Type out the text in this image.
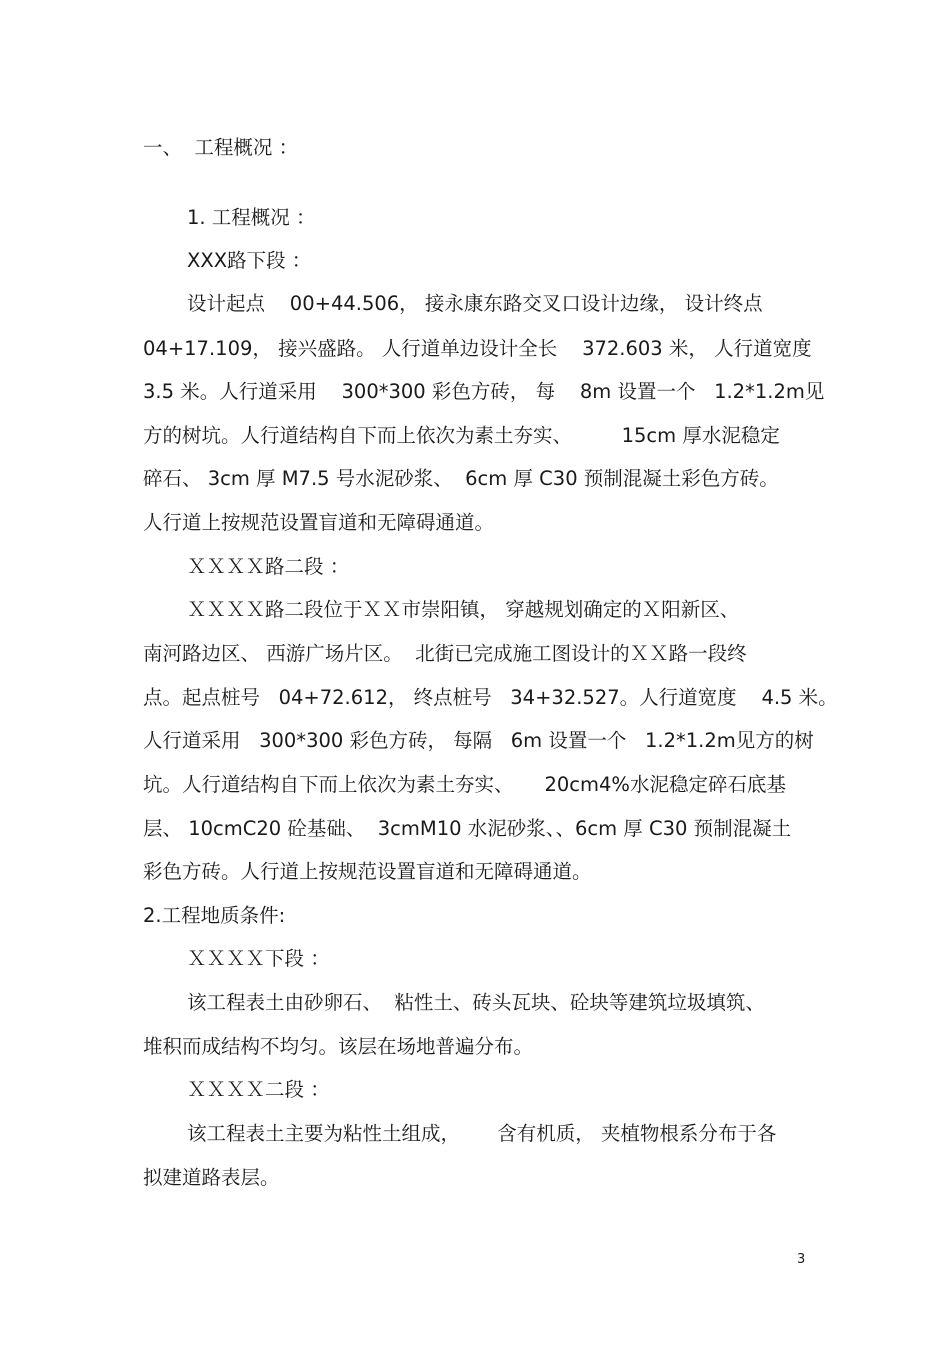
一、  工程概况 ：
1. 工程概况 ：
XXX路下段 ：
设计起点    00+44.506， 接永康东路交叉口设计边缘， 设计终点
04+17.109， 接兴盛路。 人行道单边设计全长    372.603 米， 人行道宽度
3.5 米。人行道采用    300*300 彩色方砖， 每    8m 设置一个   1.2*1.2m见
方的树坑。人行道结构自下而上依次为素土夯实、        15cm 厚水泥稳定
碎石、 3cm 厚 M7.5 号水泥砂浆、  6cm 厚 C30 预制混凝土彩色方砖。
人行道上按规范设置盲道和无障碍通道。
ＸＸＸＸ路二段 ：
ＸＸＸＸ路二段位于ＸＸ市崇阳镇， 穿越规划确定的Ｘ阳新区、
南河路边区、 西游广场片区。  北街已完成施工图设计的ＸＸ路一段终
点。起点桩号   04+72.612， 终点桩号   34+32.527。人行道宽度    4.5 米。
人行道采用   300*300 彩色方砖， 每隔   6m 设置一个   1.2*1.2m见方的树
坑。人行道结构自下而上依次为素土夯实、     20cm4%水泥稳定碎石底基
层、 10cmC20 砼基础、  3cmM10 水泥砂浆、、6cm 厚 C30 预制混凝土
彩色方砖。人行道上按规范设置盲道和无障碍通道。
2.工程地质条件:
ＸＸＸＸ下段 ：
该工程表土由砂卵石、  粘性土、砖头瓦块、砼块等建筑垃圾填筑、
堆积而成结构不均匀。该层在场地普遍分布。
ＸＸＸＸ二段 ：
该工程表土主要为粘性土组成，      含有机质， 夹植物根系分布于各
拟建道路表层。
3
